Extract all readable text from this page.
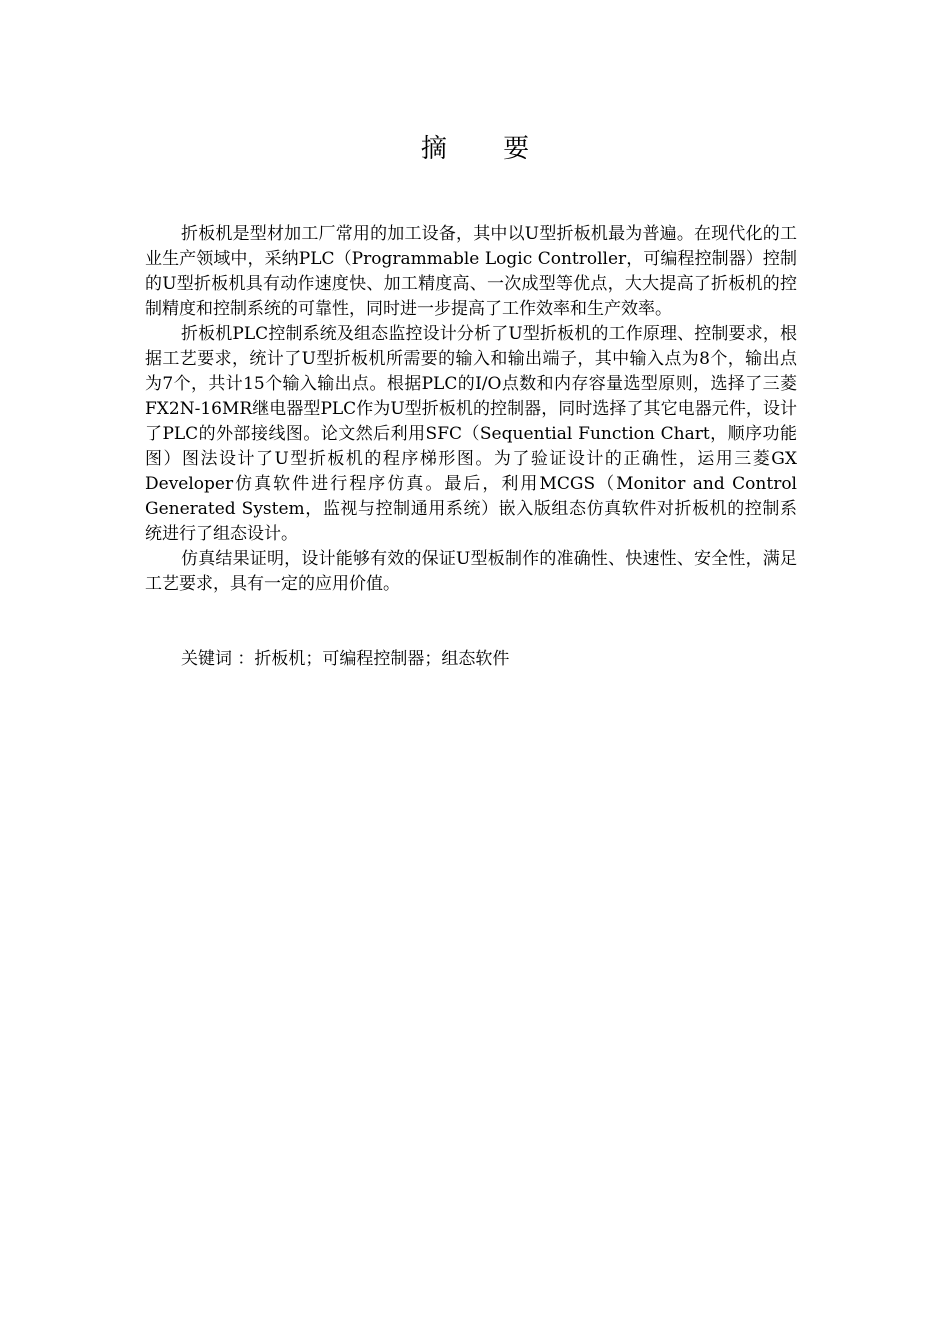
摘 要

折板机是型材加工厂常用的加工设备，其中以U型折板机最为普遍。在现代化的工业生产领域中，采纳PLC（Programmable Logic Controller，可编程控制器）控制的U型折板机具有动作速度快、加工精度高、一次成型等优点，大大提高了折板机的控制精度和控制系统的可靠性，同时进一步提高了工作效率和生产效率。

折板机PLC控制系统及组态监控设计分析了U型折板机的工作原理、控制要求，根据工艺要求，统计了U型折板机所需要的输入和输出端子，其中输入点为8个，输出点为7个，共计15个输入输出点。根据PLC的I/O点数和内存容量选型原则，选择了三菱FX2N-16MR继电器型PLC作为U型折板机的控制器，同时选择了其它电器元件，设计了PLC的外部接线图。论文然后利用SFC（Sequential Function Chart，顺序功能图）图法设计了U型折板机的程序梯形图。为了验证设计的正确性，运用三菱GX Developer仿真软件进行程序仿真。最后，利用MCGS（Monitor and Control Generated System，监视与控制通用系统）嵌入版组态仿真软件对折板机的控制系统进行了组态设计。

仿真结果证明，设计能够有效的保证U型板制作的准确性、快速性、安全性，满足工艺要求，具有一定的应用价值。

关键词 ：折板机；可编程控制器；组态软件
